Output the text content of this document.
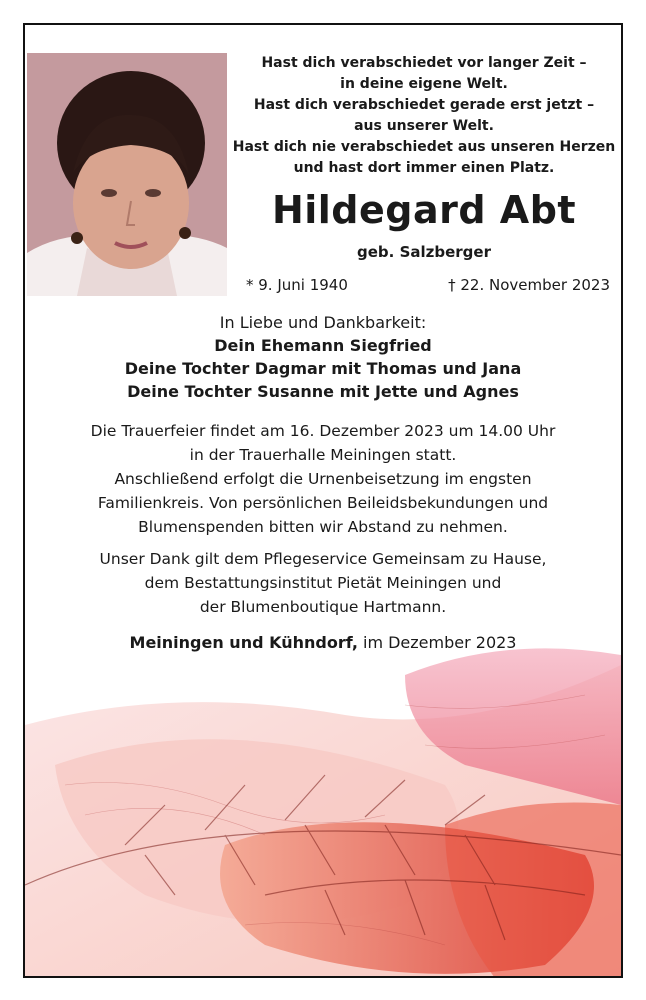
Hast dich verabschiedet vor langer Zeit –
in deine eigene Welt.
Hast dich verabschiedet gerade erst jetzt –
aus unserer Welt.
Hast dich nie verabschiedet aus unseren Herzen
und hast dort immer einen Platz.
Hildegard Abt
geb. Salzberger
* 9. Juni 1940	† 22. November 2023
In Liebe und Dankbarkeit:
Dein Ehemann Siegfried
Deine Tochter Dagmar mit Thomas und Jana
Deine Tochter Susanne mit Jette und Agnes

Die Trauerfeier findet am 16. Dezember 2023 um 14.00 Uhr
in der Trauerhalle Meiningen statt.
Anschließend erfolgt die Urnenbeisetzung im engsten
Familienkreis. Von persönlichen Beileidsbekundungen und
Blumenspenden bitten wir Abstand zu nehmen.

Unser Dank gilt dem Pflegeservice Gemeinsam zu Hause,
dem Bestattungsinstitut Pietät Meiningen und
der Blumenboutique Hartmann.

Meiningen und Kühndorf, im Dezember 2023
